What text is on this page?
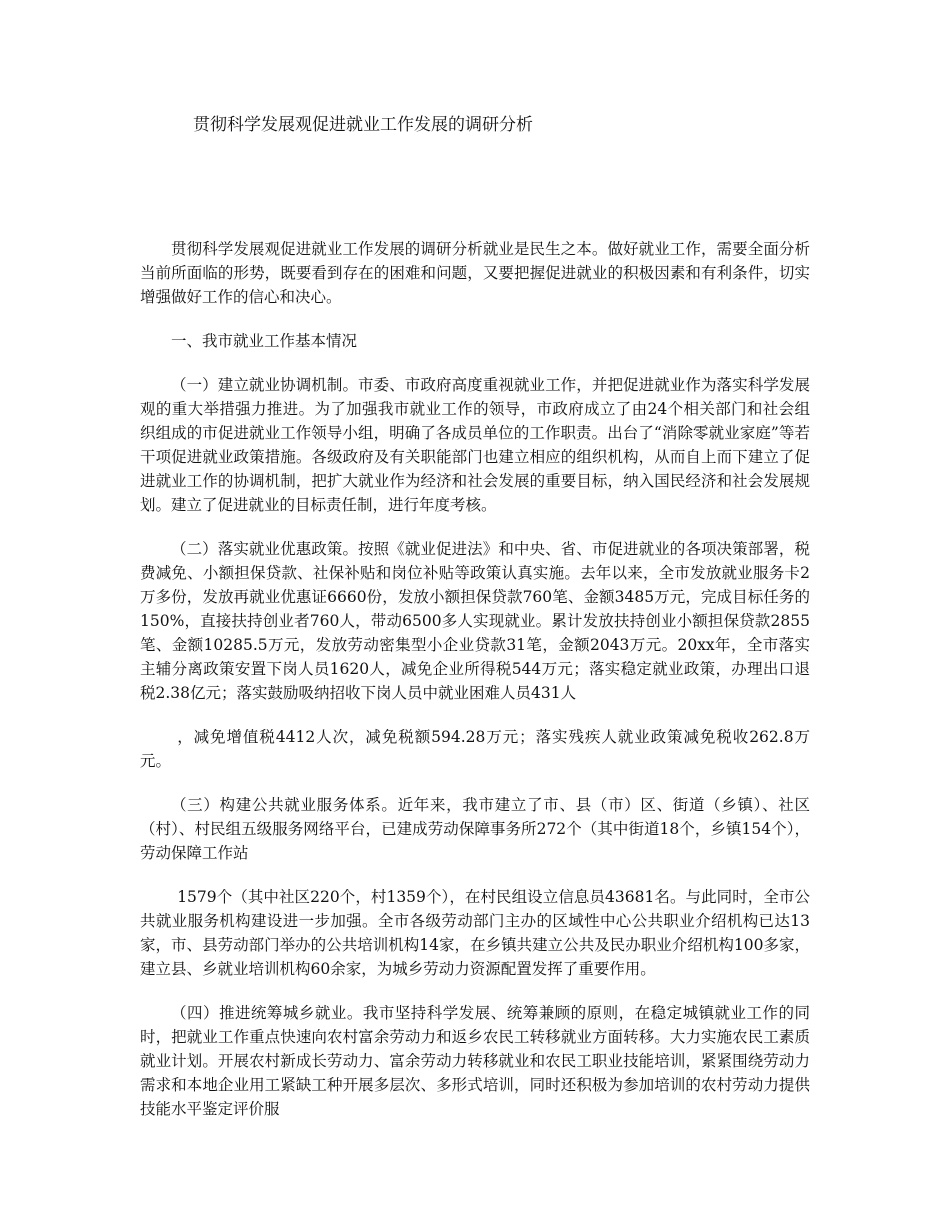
贯彻科学发展观促进就业工作发展的调研分析

贯彻科学发展观促进就业工作发展的调研分析就业是民生之本。做好就业工作，需要全面分析当前所面临的形势，既要看到存在的困难和问题，又要把握促进就业的积极因素和有利条件，切实增强做好工作的信心和决心。

一、我市就业工作基本情况

（一）建立就业协调机制。市委、市政府高度重视就业工作，并把促进就业作为落实科学发展观的重大举措强力推进。为了加强我市就业工作的领导，市政府成立了由24个相关部门和社会组织组成的市促进就业工作领导小组，明确了各成员单位的工作职责。出台了“消除零就业家庭”等若干项促进就业政策措施。各级政府及有关职能部门也建立相应的组织机构，从而自上而下建立了促进就业工作的协调机制，把扩大就业作为经济和社会发展的重要目标，纳入国民经济和社会发展规划。建立了促进就业的目标责任制，进行年度考核。

（二）落实就业优惠政策。按照《就业促进法》和中央、省、市促进就业的各项决策部署，税费减免、小额担保贷款、社保补贴和岗位补贴等政策认真实施。去年以来，全市发放就业服务卡2万多份，发放再就业优惠证6660份，发放小额担保贷款760笔、金额3485万元，完成目标任务的150%，直接扶持创业者760人，带动6500多人实现就业。累计发放扶持创业小额担保贷款2855笔、金额10285.5万元，发放劳动密集型小企业贷款31笔，金额2043万元。20xx年，全市落实主辅分离政策安置下岗人员1620人，减免企业所得税544万元；落实稳定就业政策，办理出口退税2.38亿元；落实鼓励吸纳招收下岗人员中就业困难人员431人

，减免增值税4412人次，减免税额594.28万元；落实残疾人就业政策减免税收262.8万元。

（三）构建公共就业服务体系。近年来，我市建立了市、县（市）区、街道（乡镇）、社区（村）、村民组五级服务网络平台，已建成劳动保障事务所272个（其中街道18个，乡镇154个），劳动保障工作站

1579个（其中社区220个，村1359个），在村民组设立信息员43681名。与此同时，全市公共就业服务机构建设进一步加强。全市各级劳动部门主办的区域性中心公共职业介绍机构已达13家，市、县劳动部门举办的公共培训机构14家，在乡镇共建立公共及民办职业介绍机构100多家，建立县、乡就业培训机构60余家，为城乡劳动力资源配置发挥了重要作用。

（四）推进统筹城乡就业。我市坚持科学发展、统筹兼顾的原则，在稳定城镇就业工作的同时，把就业工作重点快速向农村富余劳动力和返乡农民工转移就业方面转移。大力实施农民工素质就业计划。开展农村新成长劳动力、富余劳动力转移就业和农民工职业技能培训，紧紧围绕劳动力需求和本地企业用工紧缺工种开展多层次、多形式培训，同时还积极为参加培训的农村劳动力提供技能水平鉴定评价服
